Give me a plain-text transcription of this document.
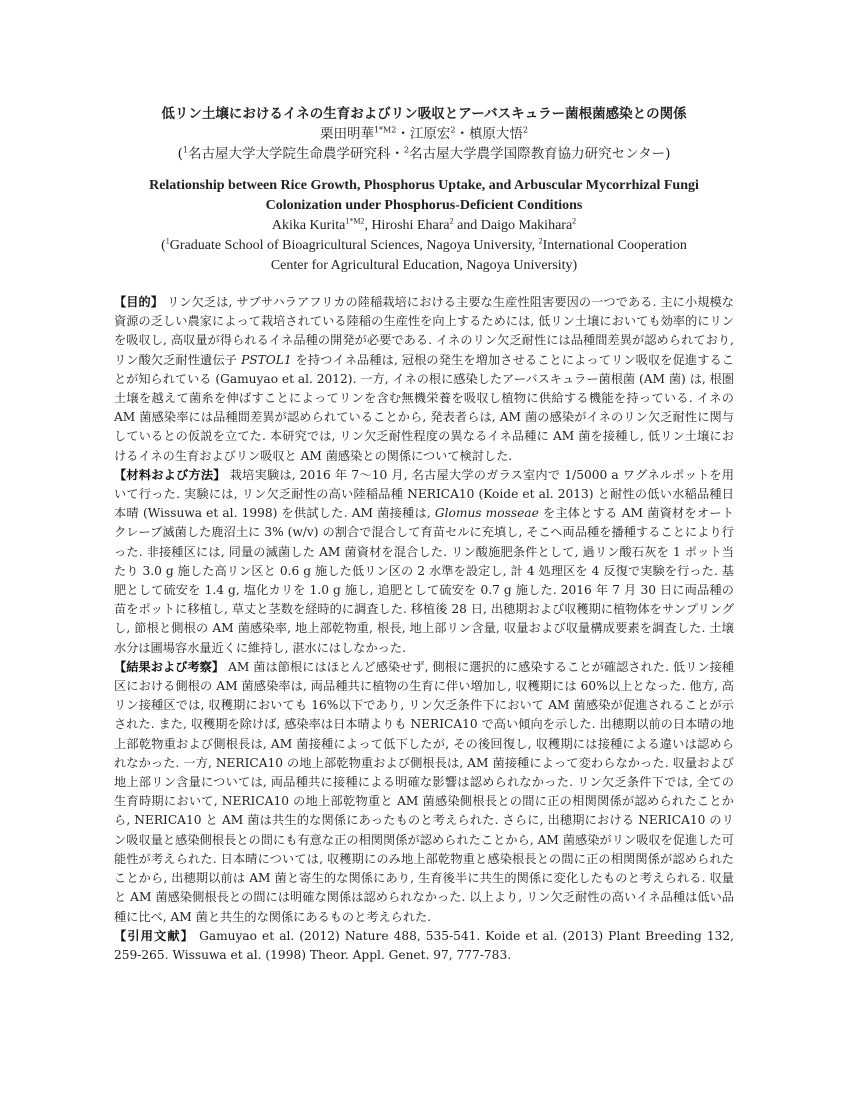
低リン土壌におけるイネの生育およびリン吸収とアーバスキュラー菌根菌感染との関係
栗田明華$^{1*M2}$・江原宏$^2$・槙原大悟$^2$
($^1$名古屋大学大学院生命農学研究科・$^2$名古屋大学農学国際教育協力研究センター)
Relationship between Rice Growth, Phosphorus Uptake, and Arbuscular Mycorrhizal Fungi
Colonization under Phosphorus-Deficient Conditions
Akika Kurita$^{1*M2}$, Hiroshi Ehara$^2$ and Daigo Makihara$^2$
($^1$Graduate School of Bioagricultural Sciences, Nagoya University, $^2$International Cooperation
Center for Agricultural Education, Nagoya University)

【目的】 リン欠乏は, サブサハラアフリカの陸稲栽培における主要な生産性阻害要因の一つである. 主に小規模な資源の乏しい農家によって栽培されている陸稲の生産性を向上するためには, 低リン土壌においても効率的にリンを吸収し, 高収量が得られるイネ品種の開発が必要である. イネのリン欠乏耐性には品種間差異が認められており, リン酸欠乏耐性遺伝子 PSTOL1 を持つイネ品種は, 冠根の発生を増加させることによってリン吸収を促進することが知られている (Gamuyao et al. 2012). 一方, イネの根に感染したアーバスキュラー菌根菌 (AM 菌) は, 根圏土壌を越えて菌糸を伸ばすことによってリンを含む無機栄養を吸収し植物に供給する機能を持っている. イネの AM 菌感染率には品種間差異が認められていることから, 発表者らは, AM 菌の感染がイネのリン欠乏耐性に関与しているとの仮説を立てた. 本研究では, リン欠乏耐性程度の異なるイネ品種に AM 菌を接種し, 低リン土壌におけるイネの生育およびリン吸収と AM 菌感染との関係について検討した.

【材料および方法】 栽培実験は, 2016 年 7～10 月, 名古屋大学のガラス室内で 1/5000 a ワグネルポットを用いて行った. 実験には, リン欠乏耐性の高い陸稲品種 NERICA10 (Koide et al. 2013) と耐性の低い水稲品種日本晴 (Wissuwa et al. 1998) を供試した. AM 菌接種は, Glomus mosseae を主体とする AM 菌資材をオートクレーブ滅菌した鹿沼土に 3% (w/v) の割合で混合して育苗セルに充填し, そこへ両品種を播種することにより行った. 非接種区には, 同量の滅菌した AM 菌資材を混合した. リン酸施肥条件として, 過リン酸石灰を 1 ポット当たり 3.0 g 施した高リン区と 0.6 g 施した低リン区の 2 水準を設定し, 計 4 処理区を 4 反復で実験を行った. 基肥として硫安を 1.4 g, 塩化カリを 1.0 g 施し, 追肥として硫安を 0.7 g 施した. 2016 年 7 月 30 日に両品種の苗をポットに移植し, 草丈と茎数を経時的に調査した. 移植後 28 日, 出穂期および収穫期に植物体をサンプリングし, 節根と側根の AM 菌感染率, 地上部乾物重, 根長, 地上部リン含量, 収量および収量構成要素を調査した. 土壌水分は圃場容水量近くに維持し, 湛水にはしなかった.

【結果および考察】 AM 菌は節根にはほとんど感染せず, 側根に選択的に感染することが確認された. 低リン接種区における側根の AM 菌感染率は, 両品種共に植物の生育に伴い増加し, 収穫期には 60%以上となった. 他方, 高リン接種区では, 収穫期においても 16%以下であり, リン欠乏条件下において AM 菌感染が促進されることが示された. また, 収穫期を除けば, 感染率は日本晴よりも NERICA10 で高い傾向を示した. 出穂期以前の日本晴の地上部乾物重および側根長は, AM 菌接種によって低下したが, その後回復し, 収穫期には接種による違いは認められなかった. 一方, NERICA10 の地上部乾物重および側根長は, AM 菌接種によって変わらなかった. 収量および地上部リン含量については, 両品種共に接種による明確な影響は認められなかった. リン欠乏条件下では, 全ての生育時期において, NERICA10 の地上部乾物重と AM 菌感染側根長との間に正の相関関係が認められたことから, NERICA10 と AM 菌は共生的な関係にあったものと考えられた. さらに, 出穂期における NERICA10 のリン吸収量と感染側根長との間にも有意な正の相関関係が認められたことから, AM 菌感染がリン吸収を促進した可能性が考えられた. 日本晴については, 収穫期にのみ地上部乾物重と感染根長との間に正の相関関係が認められたことから, 出穂期以前は AM 菌と寄生的な関係にあり, 生育後半に共生的関係に変化したものと考えられる. 収量と AM 菌感染側根長との間には明確な関係は認められなかった. 以上より, リン欠乏耐性の高いイネ品種は低い品種に比べ, AM 菌と共生的な関係にあるものと考えられた.

【引用文献】 Gamuyao et al. (2012) Nature 488, 535-541. Koide et al. (2013) Plant Breeding 132, 259-265. Wissuwa et al. (1998) Theor. Appl. Genet. 97, 777-783.
